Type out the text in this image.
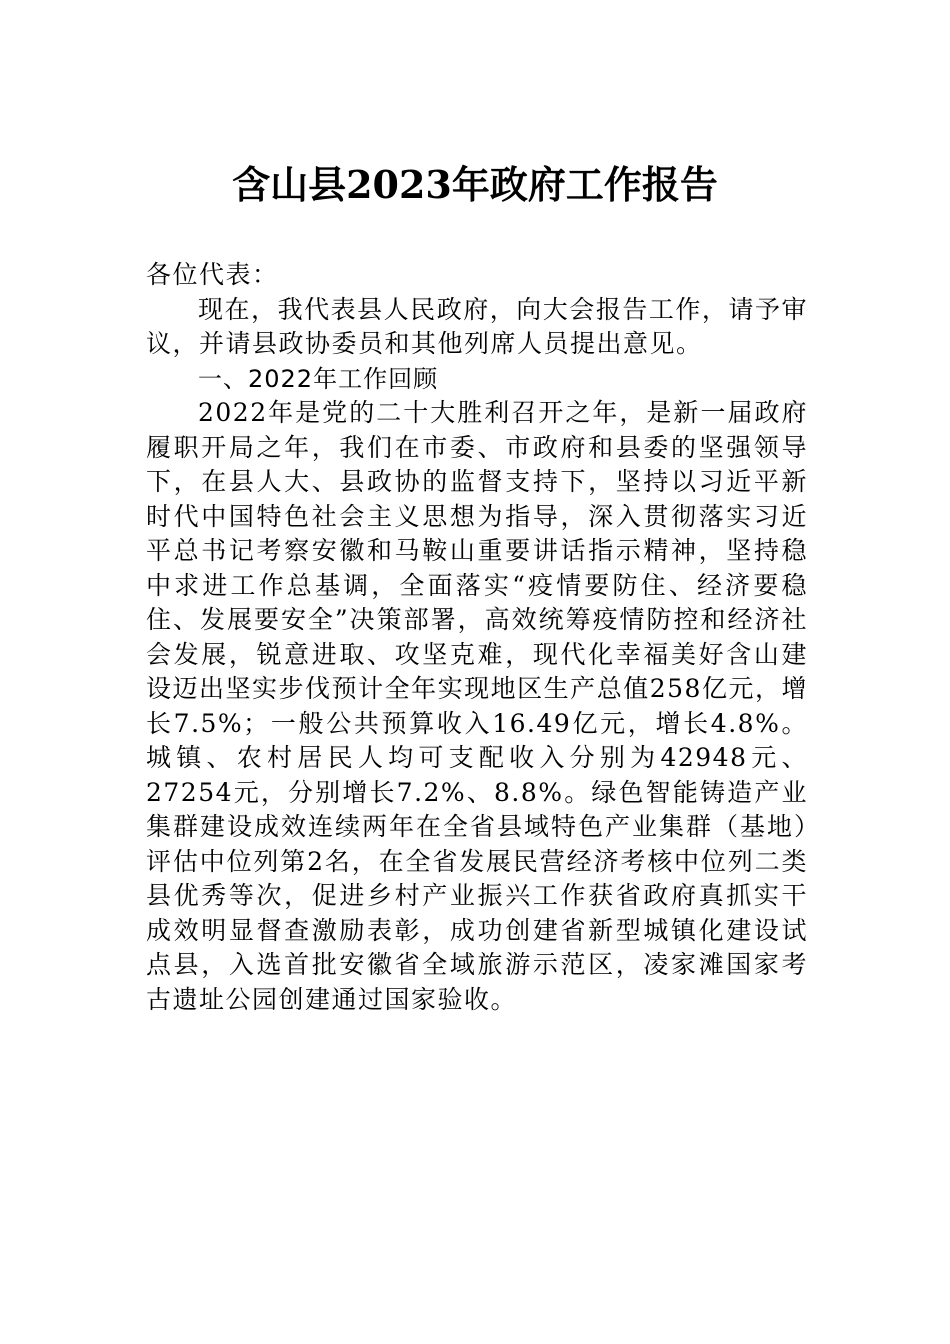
含山县2023年政府工作报告

各位代表：

现在，我代表县人民政府，向大会报告工作，请予审议，并请县政协委员和其他列席人员提出意见。

一、2022年工作回顾

2022年是党的二十大胜利召开之年，是新一届政府履职开局之年，我们在市委、市政府和县委的坚强领导下，在县人大、县政协的监督支持下，坚持以习近平新时代中国特色社会主义思想为指导，深入贯彻落实习近平总书记考察安徽和马鞍山重要讲话指示精神，坚持稳中求进工作总基调，全面落实“疫情要防住、经济要稳住、发展要安全”决策部署，高效统筹疫情防控和经济社会发展，锐意进取、攻坚克难，现代化幸福美好含山建设迈出坚实步伐预计全年实现地区生产总值258亿元，增长7.5%；一般公共预算收入16.49亿元，增长4.8%。城镇、农村居民人均可支配收入分别为42948元、27254元，分别增长7.2%、8.8%。绿色智能铸造产业集群建设成效连续两年在全省县域特色产业集群（基地）评估中位列第2名，在全省发展民营经济考核中位列二类县优秀等次，促进乡村产业振兴工作获省政府真抓实干成效明显督查激励表彰，成功创建省新型城镇化建设试点县，入选首批安徽省全域旅游示范区，凌家滩国家考古遗址公园创建通过国家验收。
